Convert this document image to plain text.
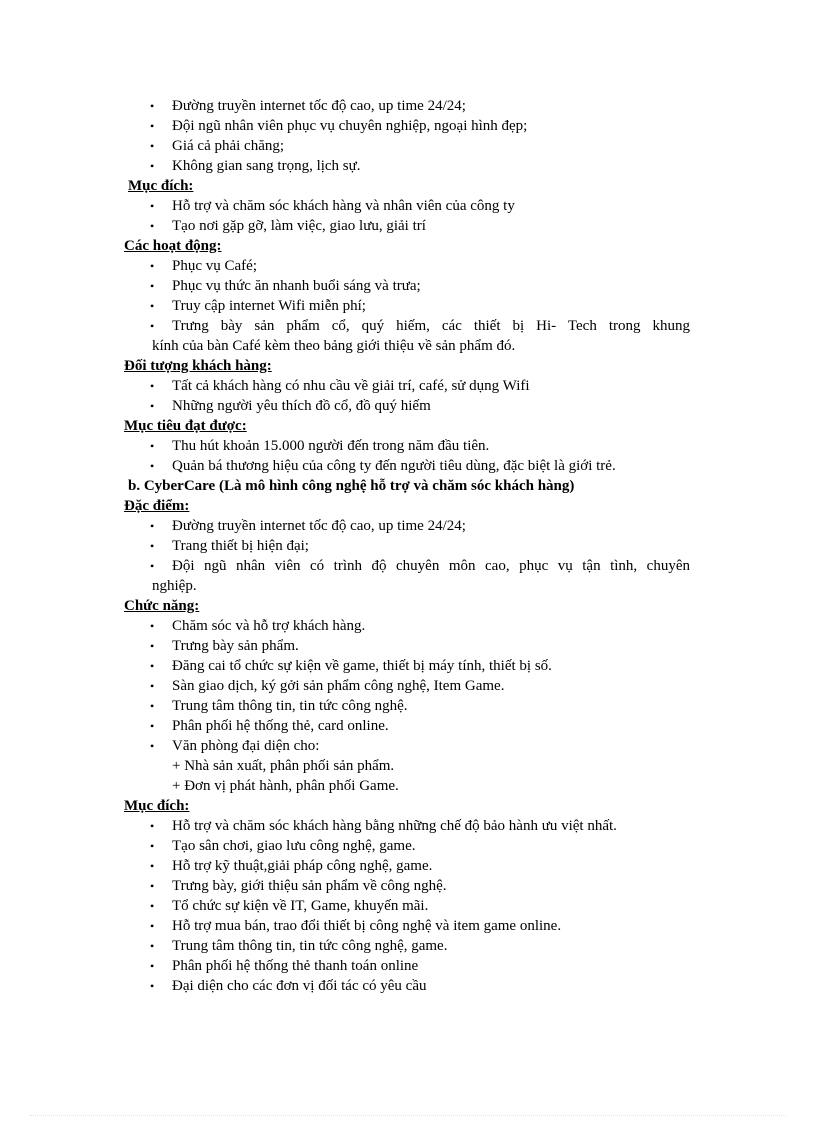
• Đường truyền internet tốc độ cao, up time 24/24;
• Đội ngũ nhân viên phục vụ chuyên nghiệp, ngoại hình đẹp;
• Giá cả phải chăng;
• Không gian sang trọng, lịch sự.
Mục đích:
• Hỗ trợ và chăm sóc khách hàng và nhân viên của công ty
• Tạo nơi gặp gỡ, làm việc, giao lưu, giải trí
Các hoạt động:
• Phục vụ Café;
• Phục vụ thức ăn nhanh buổi sáng và trưa;
• Truy cập internet Wifi miễn phí;
• Trưng bày sản phẩm cổ, quý hiếm, các thiết bị Hi- Tech trong khung
kính của bàn Café kèm theo bảng giới thiệu về sản phẩm đó.
Đối tượng khách hàng:
• Tất cả khách hàng có nhu cầu về giải trí, café, sử dụng Wifi
• Những người yêu thích đồ cổ, đồ quý hiếm
Mục tiêu đạt được:
• Thu hút khoản 15.000 người đến trong năm đầu tiên.
• Quản bá thương hiệu của công ty đến người tiêu dùng, đặc biệt là giới trẻ.
b. CyberCare (Là mô hình công nghệ hỗ trợ và chăm sóc khách hàng)
Đặc điểm:
• Đường truyền internet tốc độ cao, up time 24/24;
• Trang thiết bị hiện đại;
• Đội ngũ nhân viên có trình độ chuyên môn cao, phục vụ tận tình, chuyên
nghiệp.
Chức năng:
• Chăm sóc và hỗ trợ khách hàng.
• Trưng bày sản phẩm.
• Đăng cai tổ chức sự kiện về game, thiết bị máy tính, thiết bị số.
• Sàn giao dịch, ký gởi sản phẩm công nghệ, Item Game.
• Trung tâm thông tin, tin tức công nghệ.
• Phân phối hệ thống thẻ, card online.
• Văn phòng đại diện cho:
+ Nhà sản xuất, phân phối sản phẩm.
+ Đơn vị phát hành, phân phối Game.
Mục đích:
• Hỗ trợ và chăm sóc khách hàng bằng những chế độ bảo hành ưu việt nhất.
• Tạo sân chơi, giao lưu công nghệ, game.
• Hỗ trợ kỹ thuật,giải pháp công nghệ, game.
• Trưng bày, giới thiệu sản phẩm về công nghệ.
• Tổ chức sự kiện về IT, Game, khuyến mãi.
• Hỗ trợ mua bán, trao đổi thiết bị công nghệ và item game online.
• Trung tâm thông tin, tin tức công nghệ, game.
• Phân phối hệ thống thẻ thanh toán online
• Đại diện cho các đơn vị đối tác có yêu cầu
